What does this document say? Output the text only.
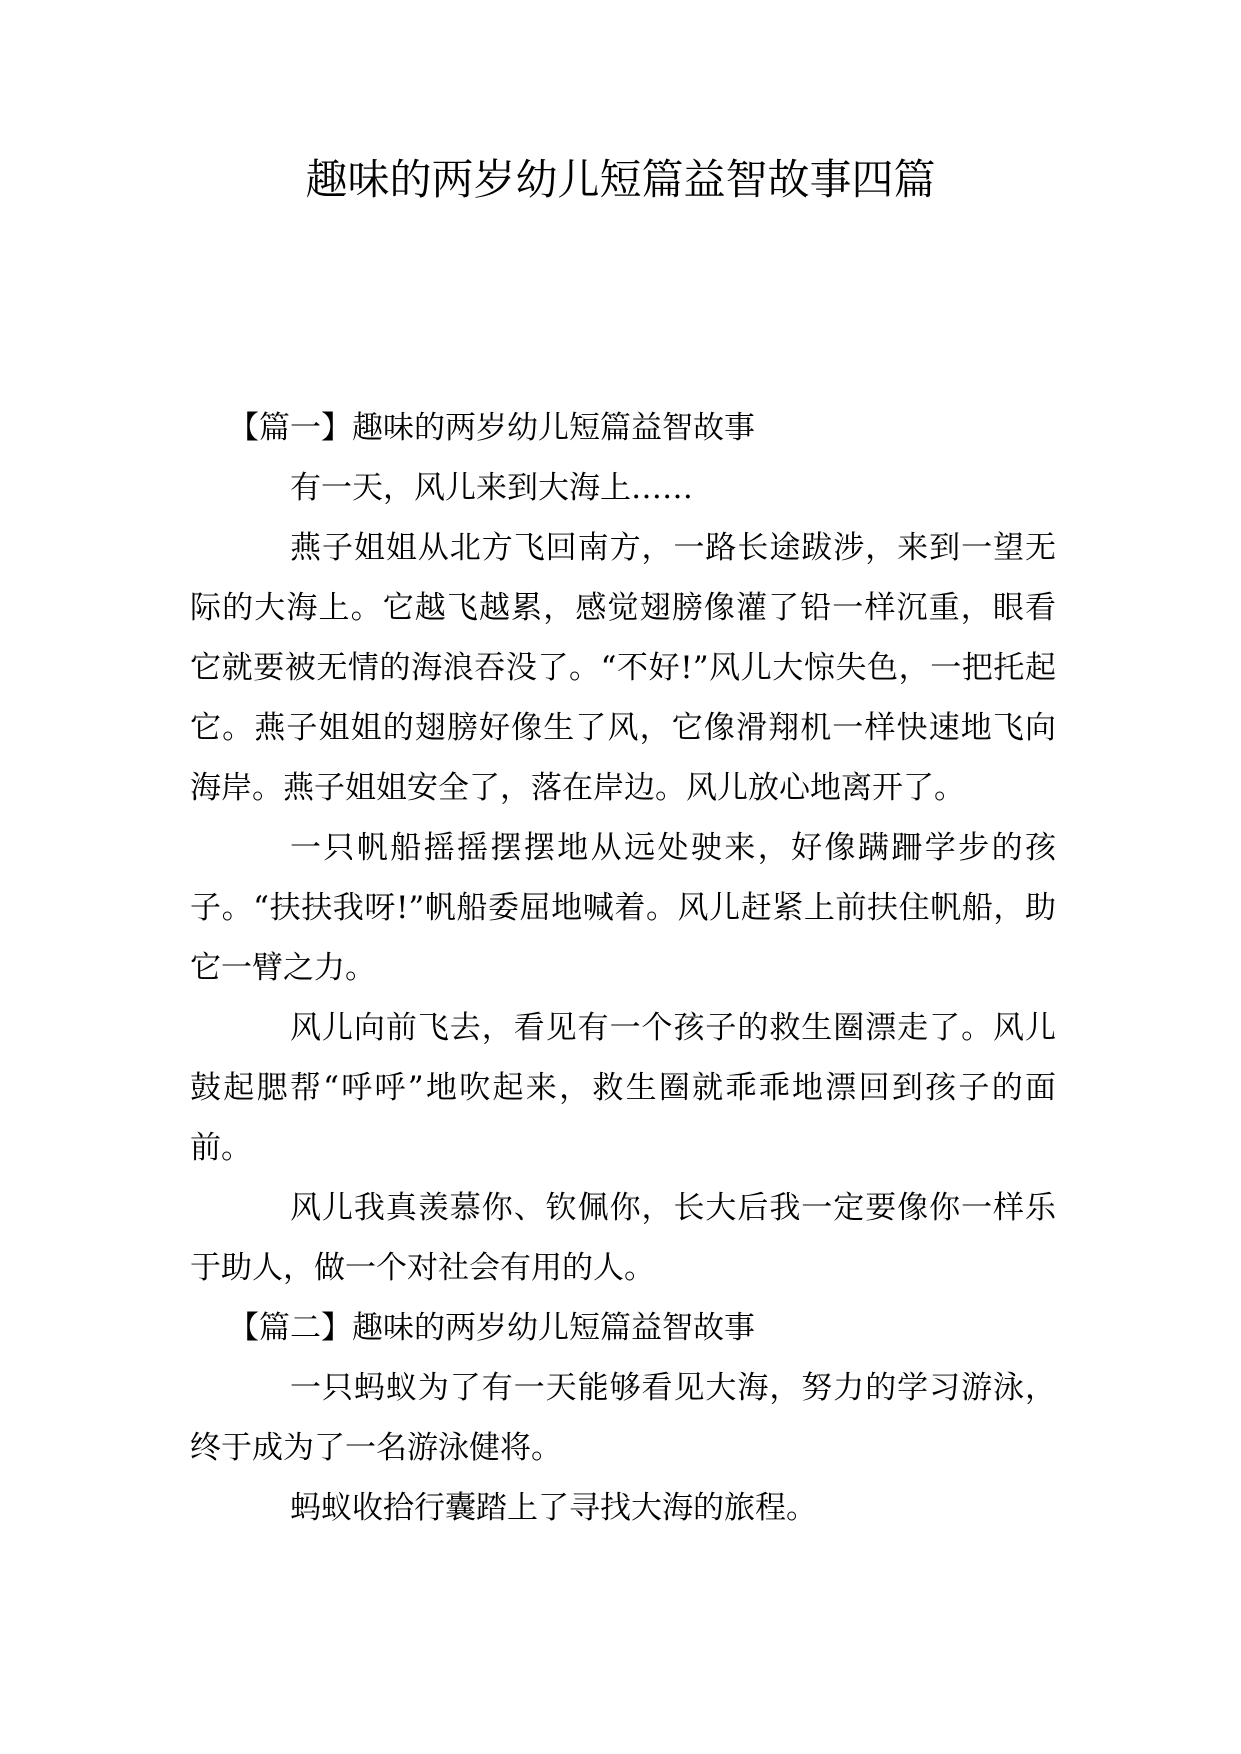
趣味的两岁幼儿短篇益智故事四篇
【篇一】趣味的两岁幼儿短篇益智故事

有一天，风儿来到大海上……

燕子姐姐从北方飞回南方，一路长途跋涉，来到一望无际的大海上。它越飞越累，感觉翅膀像灌了铅一样沉重，眼看它就要被无情的海浪吞没了。“不好!”风儿大惊失色，一把托起它。燕子姐姐的翅膀好像生了风，它像滑翔机一样快速地飞向海岸。燕子姐姐安全了，落在岸边。风儿放心地离开了。

一只帆船摇摇摆摆地从远处驶来，好像蹒跚学步的孩子。“扶扶我呀!”帆船委屈地喊着。风儿赶紧上前扶住帆船，助它一臂之力。

风儿向前飞去，看见有一个孩子的救生圈漂走了。风儿鼓起腮帮“呼呼”地吹起来，救生圈就乖乖地漂回到孩子的面前。

风儿我真羡慕你、钦佩你，长大后我一定要像你一样乐于助人，做一个对社会有用的人。

【篇二】趣味的两岁幼儿短篇益智故事

一只蚂蚁为了有一天能够看见大海，努力的学习游泳，终于成为了一名游泳健将。

蚂蚁收拾行囊踏上了寻找大海的旅程。
